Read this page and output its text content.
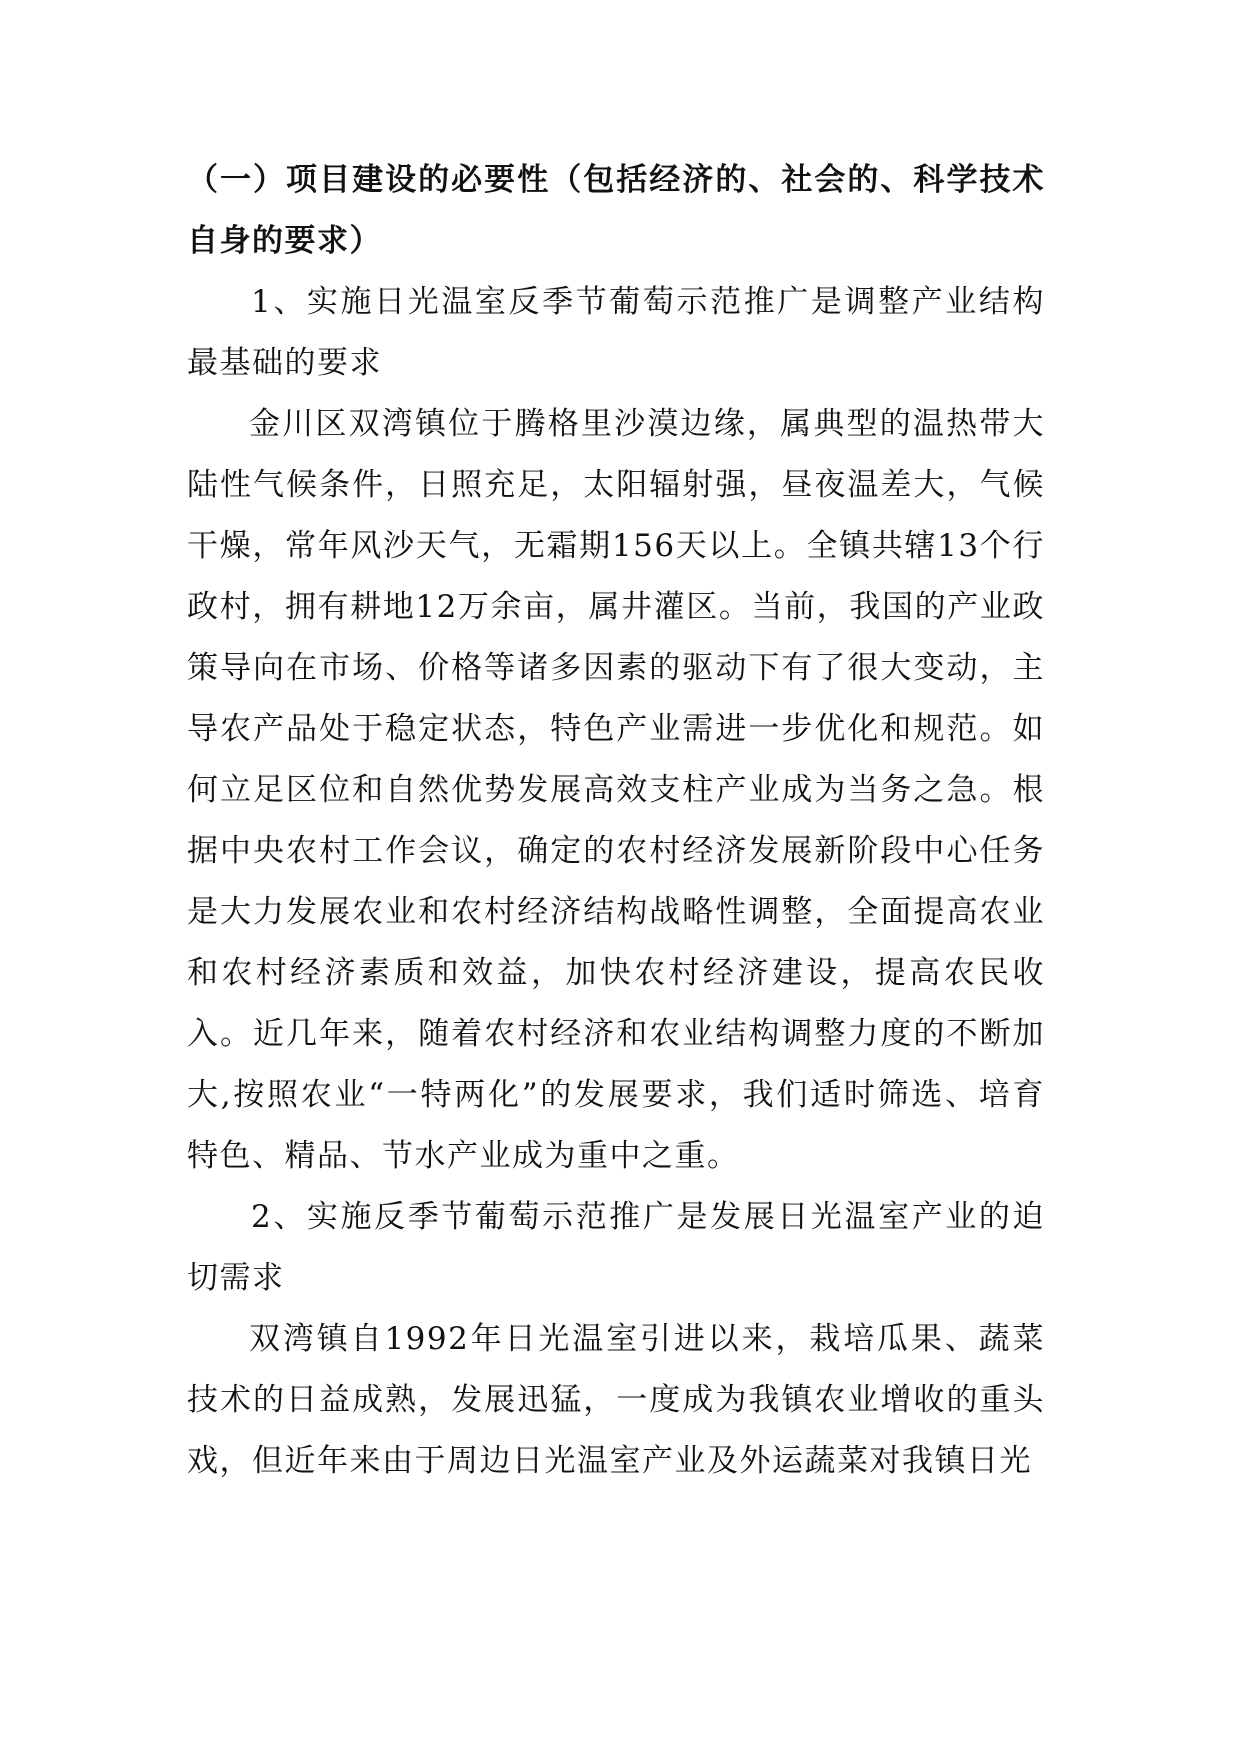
（一）项目建设的必要性（包括经济的、社会的、科学技术自身的要求）

1、实施日光温室反季节葡萄示范推广是调整产业结构最基础的要求

金川区双湾镇位于腾格里沙漠边缘，属典型的温热带大陆性气候条件，日照充足，太阳辐射强，昼夜温差大，气候干燥，常年风沙天气，无霜期156天以上。全镇共辖13个行政村，拥有耕地12万余亩，属井灌区。当前，我国的产业政策导向在市场、价格等诸多因素的驱动下有了很大变动，主导农产品处于稳定状态，特色产业需进一步优化和规范。如何立足区位和自然优势发展高效支柱产业成为当务之急。根据中央农村工作会议，确定的农村经济发展新阶段中心任务是大力发展农业和农村经济结构战略性调整，全面提高农业和农村经济素质和效益，加快农村经济建设，提高农民收入。近几年来，随着农村经济和农业结构调整力度的不断加大,按照农业“一特两化”的发展要求，我们适时筛选、培育特色、精品、节水产业成为重中之重。

2、实施反季节葡萄示范推广是发展日光温室产业的迫切需求

双湾镇自1992年日光温室引进以来，栽培瓜果、蔬菜技术的日益成熟，发展迅猛，一度成为我镇农业增收的重头戏，但近年来由于周边日光温室产业及外运蔬菜对我镇日光
